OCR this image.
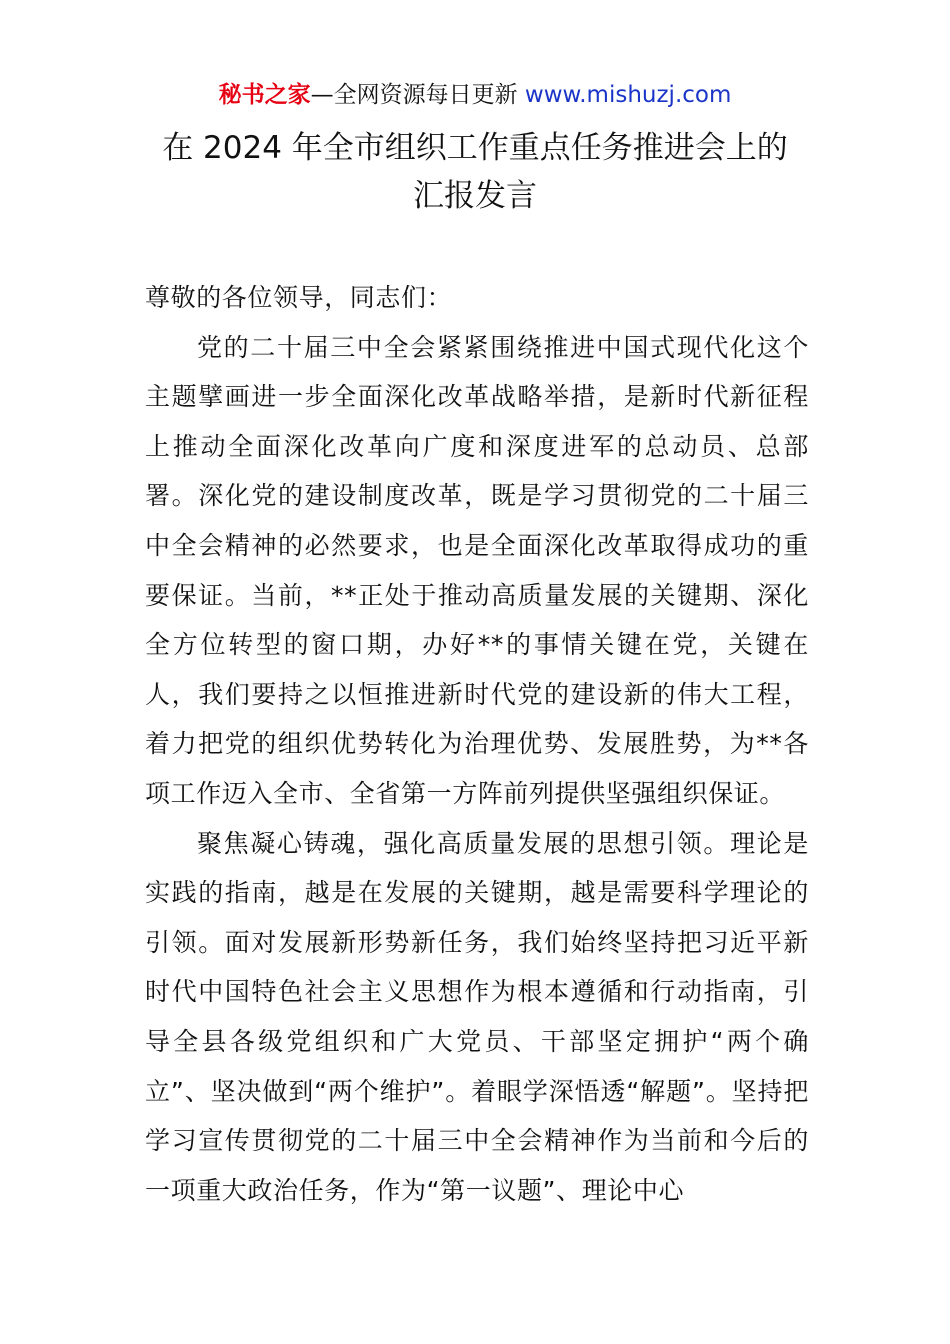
秘书之家—全网资源每日更新 www.mishuzj.com
在 2024 年全市组织工作重点任务推进会上的
汇报发言

尊敬的各位领导，同志们：

党的二十届三中全会紧紧围绕推进中国式现代化这个主题擘画进一步全面深化改革战略举措，是新时代新征程上推动全面深化改革向广度和深度进军的总动员、总部署。深化党的建设制度改革，既是学习贯彻党的二十届三中全会精神的必然要求，也是全面深化改革取得成功的重要保证。当前，**正处于推动高质量发展的关键期、深化全方位转型的窗口期，办好**的事情关键在党，关键在人，我们要持之以恒推进新时代党的建设新的伟大工程，着力把党的组织优势转化为治理优势、发展胜势，为**各项工作迈入全市、全省第一方阵前列提供坚强组织保证。

聚焦凝心铸魂，强化高质量发展的思想引领。理论是实践的指南，越是在发展的关键期，越是需要科学理论的引领。面对发展新形势新任务，我们始终坚持把习近平新时代中国特色社会主义思想作为根本遵循和行动指南，引导全县各级党组织和广大党员、干部坚定拥护“两个确立”、坚决做到“两个维护”。着眼学深悟透“解题”。坚持把学习宣传贯彻党的二十届三中全会精神作为当前和今后的一项重大政治任务，作为“第一议题”、理论中心
